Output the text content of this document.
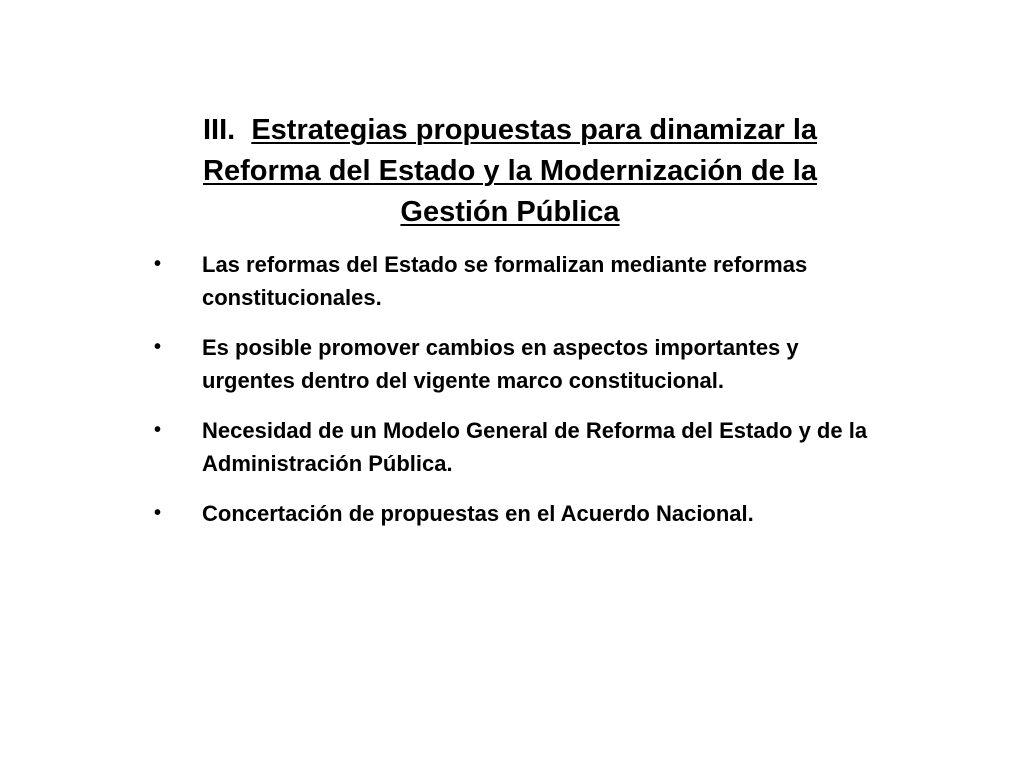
III. Estrategias propuestas para dinamizar la Reforma del Estado y la Modernización de la Gestión Pública
• Las reformas del Estado se formalizan mediante reformas constitucionales.
• Es posible promover cambios en aspectos importantes y urgentes dentro del vigente marco constitucional.
• Necesidad de un Modelo General de Reforma del Estado y de la Administración Pública.
• Concertación de propuestas en el Acuerdo Nacional.
